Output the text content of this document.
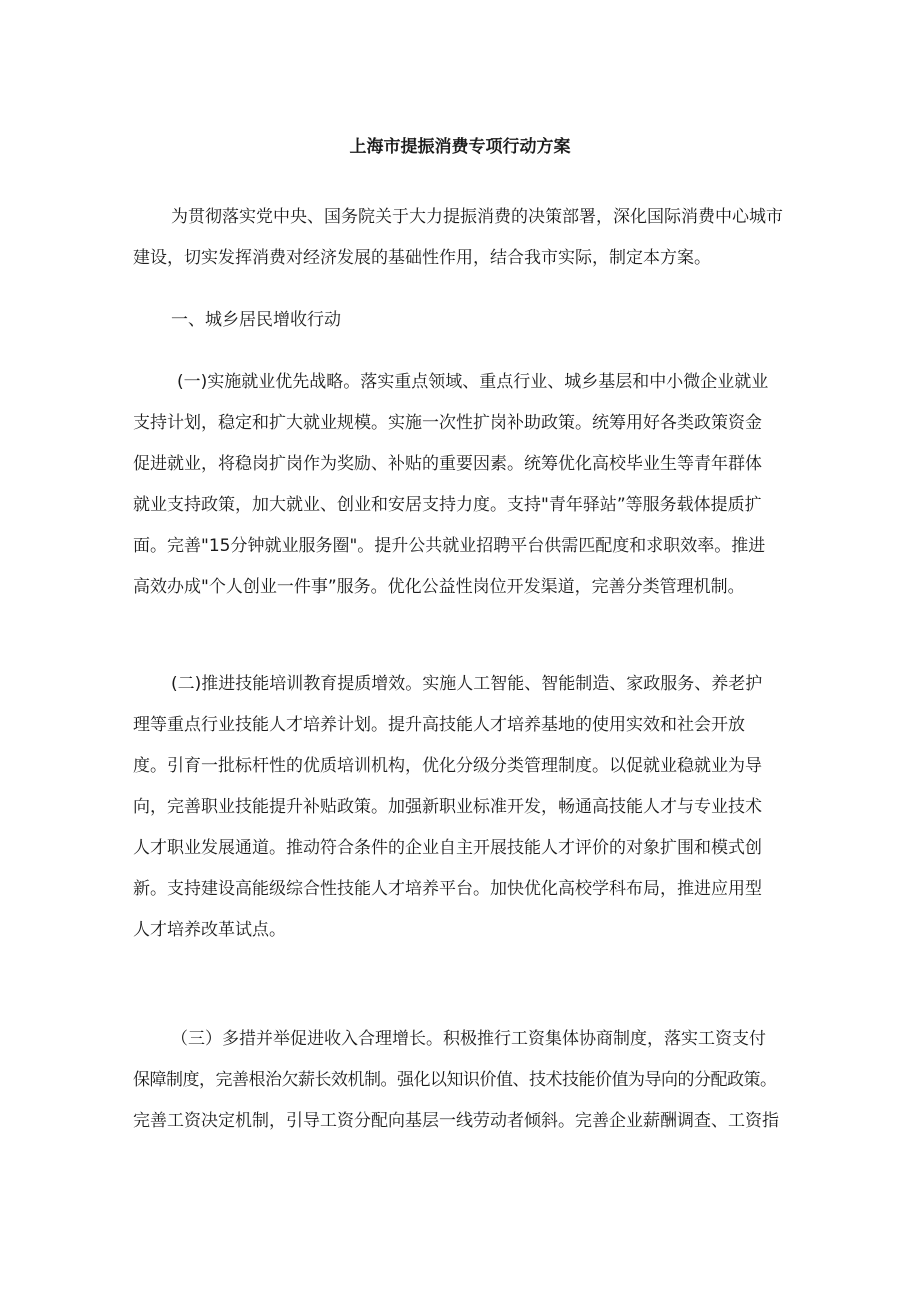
上海市提振消费专项行动方案

为贯彻落实党中央、国务院关于大力提振消费的决策部署，深化国际消费中心城市
建设，切实发挥消费对经济发展的基础性作用，结合我市实际，制定本方案。

一、城乡居民增收行动

(一)实施就业优先战略。落实重点领域、重点行业、城乡基层和中小微企业就业
支持计划，稳定和扩大就业规模。实施一次性扩岗补助政策。统筹用好各类政策资金
促进就业，将稳岗扩岗作为奖励、补贴的重要因素。统筹优化高校毕业生等青年群体
就业支持政策，加大就业、创业和安居支持力度。支持"青年驿站”等服务载体提质扩
面。完善"15分钟就业服务圈"。提升公共就业招聘平台供需匹配度和求职效率。推进
高效办成"个人创业一件事”服务。优化公益性岗位开发渠道，完善分类管理机制。

(二)推进技能培训教育提质增效。实施人工智能、智能制造、家政服务、养老护
理等重点行业技能人才培养计划。提升高技能人才培养基地的使用实效和社会开放
度。引育一批标杆性的优质培训机构，优化分级分类管理制度。以促就业稳就业为导
向，完善职业技能提升补贴政策。加强新职业标准开发，畅通高技能人才与专业技术
人才职业发展通道。推动符合条件的企业自主开展技能人才评价的对象扩围和模式创
新。支持建设高能级综合性技能人才培养平台。加快优化高校学科布局，推进应用型
人才培养改革试点。

（三）多措并举促进收入合理增长。积极推行工资集体协商制度，落实工资支付
保障制度，完善根治欠薪长效机制。强化以知识价值、技术技能价值为导向的分配政策。
完善工资决定机制，引导工资分配向基层一线劳动者倾斜。完善企业薪酬调查、工资指
